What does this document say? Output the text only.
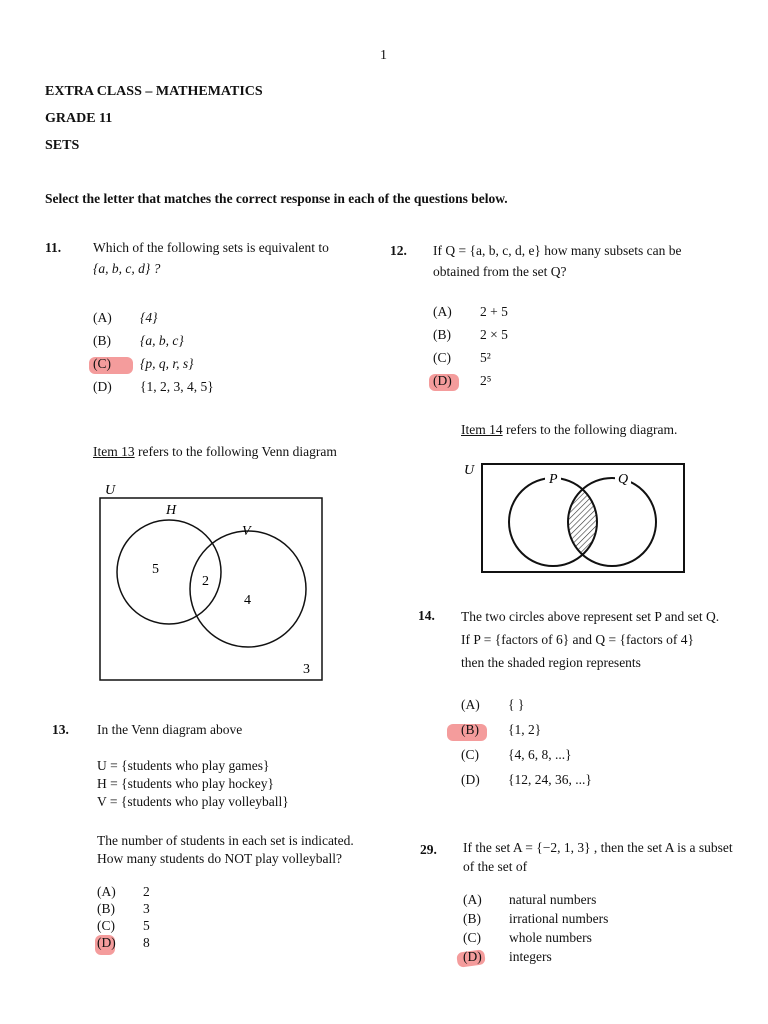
1
EXTRA CLASS – MATHEMATICS
GRADE 11
SETS
Select the letter that matches the correct response in each of the questions below.
11. Which of the following sets is equivalent to
{a, b, c, d} ?
(A)	{4}
(B)	{a, b, c}
(C)	{p, q, r, s}
(D)	{1, 2, 3, 4, 5}
Item 13 refers to the following Venn diagram
U
H
V
5
2
4
3
13. In the Venn diagram above
U = {students who play games}
H = {students who play hockey}
V = {students who play volleyball}
The number of students in each set is indicated.
How many students do NOT play volleyball?
(A) 2
(B) 3
(C) 5
(D) 8
12. If Q = {a, b, c, d, e} how many subsets can be
obtained from the set Q?
(A)	2 + 5
(B)	2 × 5
(C)	5²
(D)	2⁵
Item 14 refers to the following diagram.
U
P	Q
14. The two circles above represent set P and set Q.
If P = {factors of 6} and Q = {factors of 4}
then the shaded region represents
(A)	{ }
(B)	{1, 2}
(C)	{4, 6, 8, ...}
(D)	{12, 24, 36, ...}
29. If the set A = {−2, 1, 3} , then the set A is a subset
of the set of
(A) natural numbers
(B) irrational numbers
(C) whole numbers
(D) integers
